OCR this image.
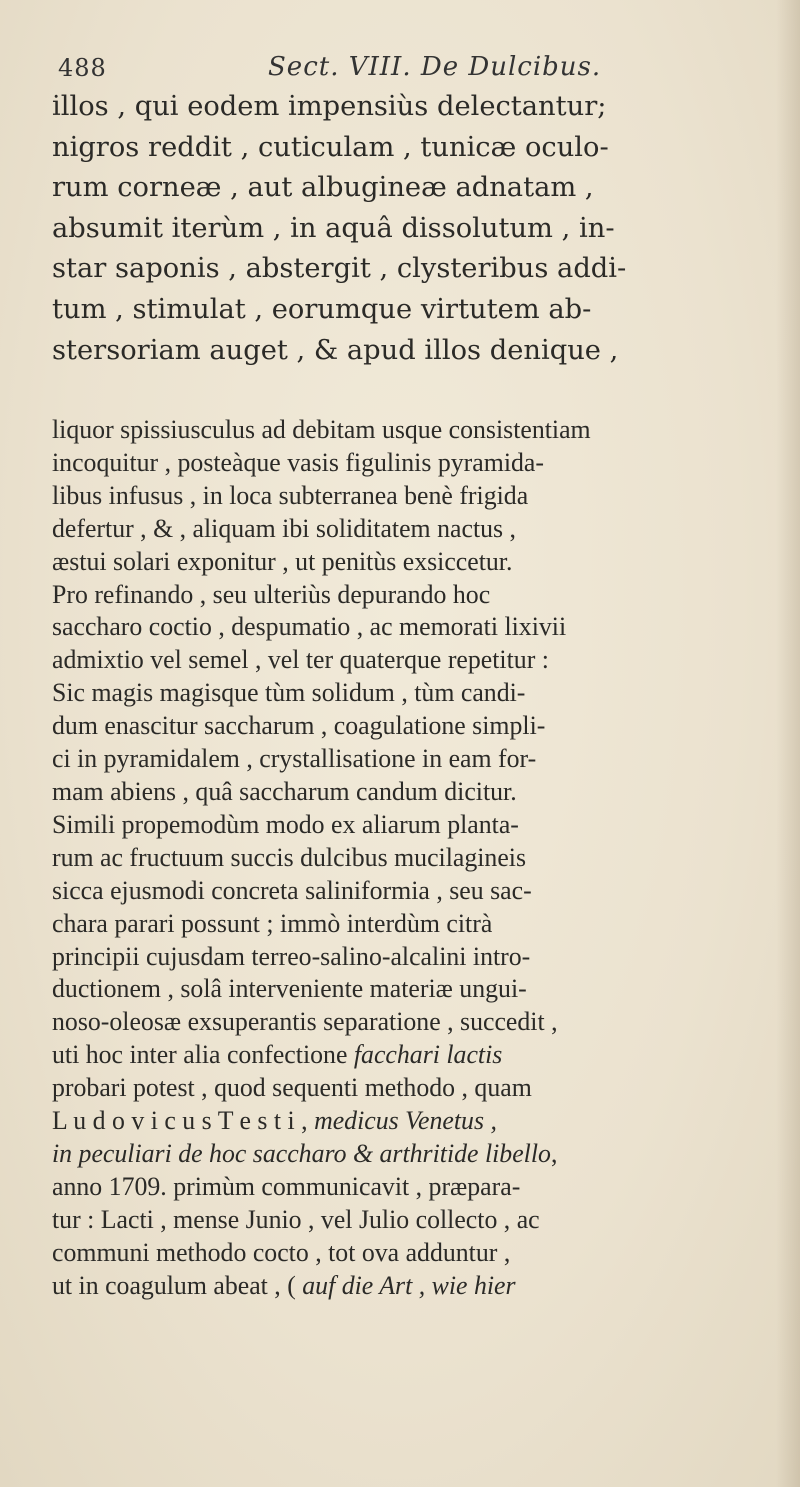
488	Sect. VIII. De Dulcibus.
illos , qui eodem impensiùs delectantur;
nigros reddit , cuticulam , tunicæ oculo-
rum corneæ , aut albugineæ adnatam ,
absumit iterùm , in aquâ dissolutum , in-
star saponis , abstergit , clysteribus addi-
tum , stimulat , eorumque virtutem ab-
stersoriam auget , & apud illos denique ,
liquor spissiusculus ad debitam usque consistentiam
incoquitur , posteàque vasis figulinis pyramida-
libus infusus , in loca subterranea benè frigida
defertur , & , aliquam ibi soliditatem nactus ,
æstui solari exponitur , ut penitùs exsiccetur.
Pro refinando , seu ulteriùs depurando hoc
saccharo coctio , despumatio , ac memorati lixivii
admixtio vel semel , vel ter quaterque repetitur :
Sic magis magisque tùm solidum , tùm candi-
dum enascitur saccharum , coagulatione simpli-
ci in pyramidalem , crystallisatione in eam for-
mam abiens , quâ saccharum candum dicitur.
Simili propemodùm modo ex aliarum planta-
rum ac fructuum succis dulcibus mucilagineis
sicca ejusmodi concreta saliniformia , seu sac-
chara parari possunt ; immò interdùm citrà
principii cujusdam terreo-salino-alcalini intro-
ductionem , solâ interveniente materiæ ungui-
noso-oleosæ exsuperantis separatione , succedit ,
uti hoc inter alia confectione facchari lactis
probari potest , quod sequenti methodo , quam
L u d o v i c u s T e s t i , medicus Venetus ,
in peculiari de hoc saccharo & arthritide libello,
anno 1709. primùm communicavit , præpara-
tur : Lacti , mense Junio , vel Julio collecto , ac
communi methodo cocto , tot ova adduntur ,
ut in coagulum abeat , ( auf die Art , wie hier
